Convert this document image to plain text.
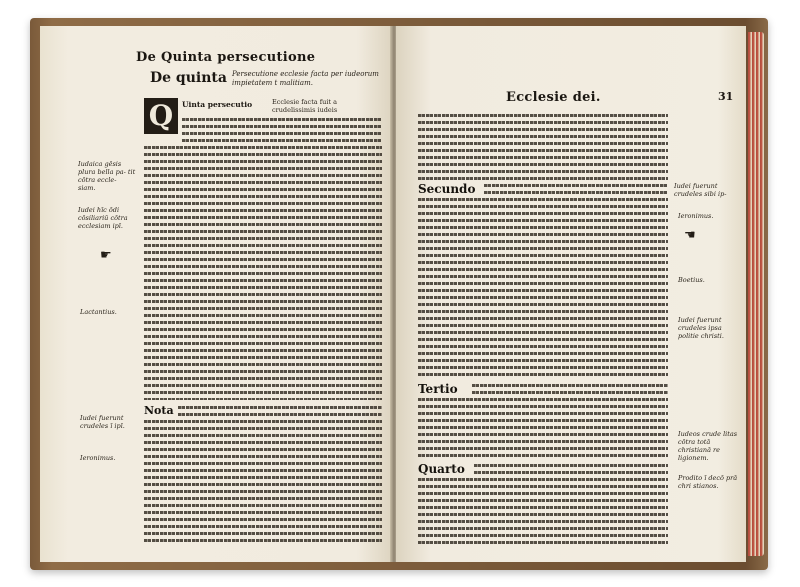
De Quinta persecutione
De quinta Persecutione ecclesie facta per iudeorum impietatem t malitiam.
Q	Uinta persecutio	Ecclesie facta fuit a crudelissimis iudeis
Nota
Iudaica gēsis plura bella pa- tit cōtra eccle- siam.
Iudei hīc ōdi cōsiliariū cōtra ecclesiam ipī.
☛
Lactantius.
Iudei fuerunt crudeles ī ipī.
Ieronimus.
Ecclesie dei.	31
Secundo
Tertio
Quarto
Iudei fuerunt crudeles sibi ip-
Ieronimus.
☚
Boetius.
Iudei fuerunt crudeles ipsa politie christi.
Iudeos crude litas cōtra totā christianā re ligionem.
Prodito ī decō prā chri stianos.
